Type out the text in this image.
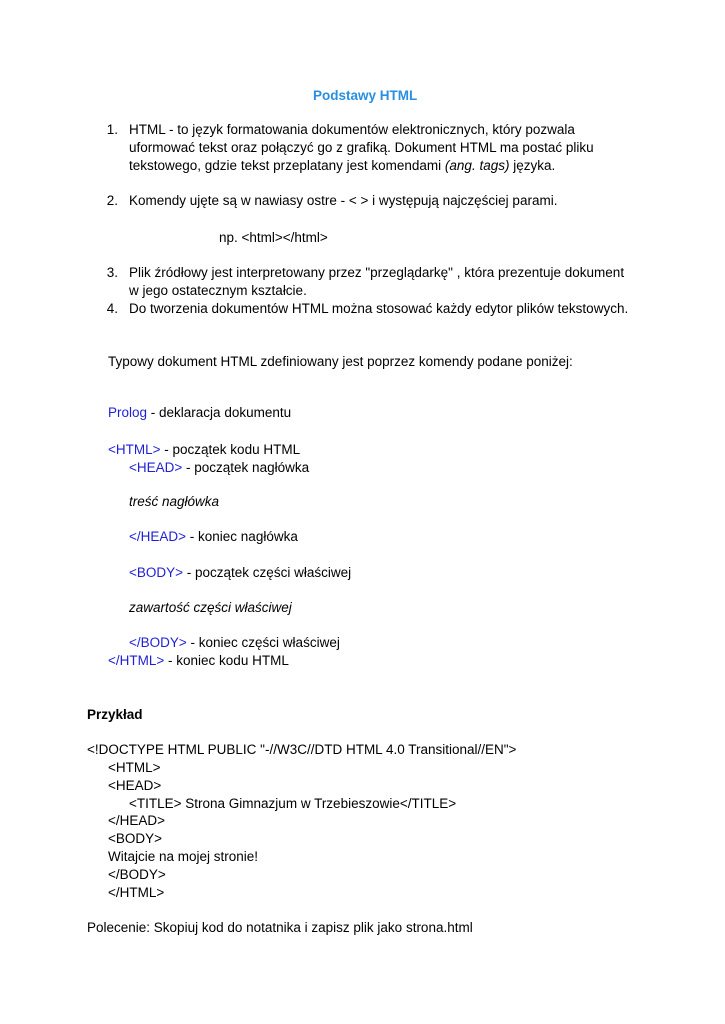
Podstawy HTML
1. HTML - to język formatowania dokumentów elektronicznych, który pozwala
uformować tekst oraz połączyć go z grafiką. Dokument HTML ma postać pliku
tekstowego, gdzie tekst przeplatany jest komendami (ang. tags) języka.
2. Komendy ujęte są w nawiasy ostre - < > i występują najczęściej parami.
np. <html></html>
3. Plik źródłowy jest interpretowany przez "przeglądarkę" , która prezentuje dokument
w jego ostatecznym kształcie.
4. Do tworzenia dokumentów HTML można stosować każdy edytor plików tekstowych.
Typowy dokument HTML zdefiniowany jest poprzez komendy podane poniżej:
Prolog - deklaracja dokumentu
<HTML> - początek kodu HTML
<HEAD> - początek nagłówka
treść nagłówka
</HEAD> - koniec nagłówka
<BODY> - początek części właściwej
zawartość części właściwej
</BODY> - koniec części właściwej
</HTML> - koniec kodu HTML
Przykład
<!DOCTYPE HTML PUBLIC "-//W3C//DTD HTML 4.0 Transitional//EN">
<HTML>
<HEAD>
<TITLE> Strona Gimnazjum w Trzebieszowie</TITLE>
</HEAD>
<BODY>
Witajcie na mojej stronie!
</BODY>
</HTML>
Polecenie: Skopiuj kod do notatnika i zapisz plik jako strona.html
